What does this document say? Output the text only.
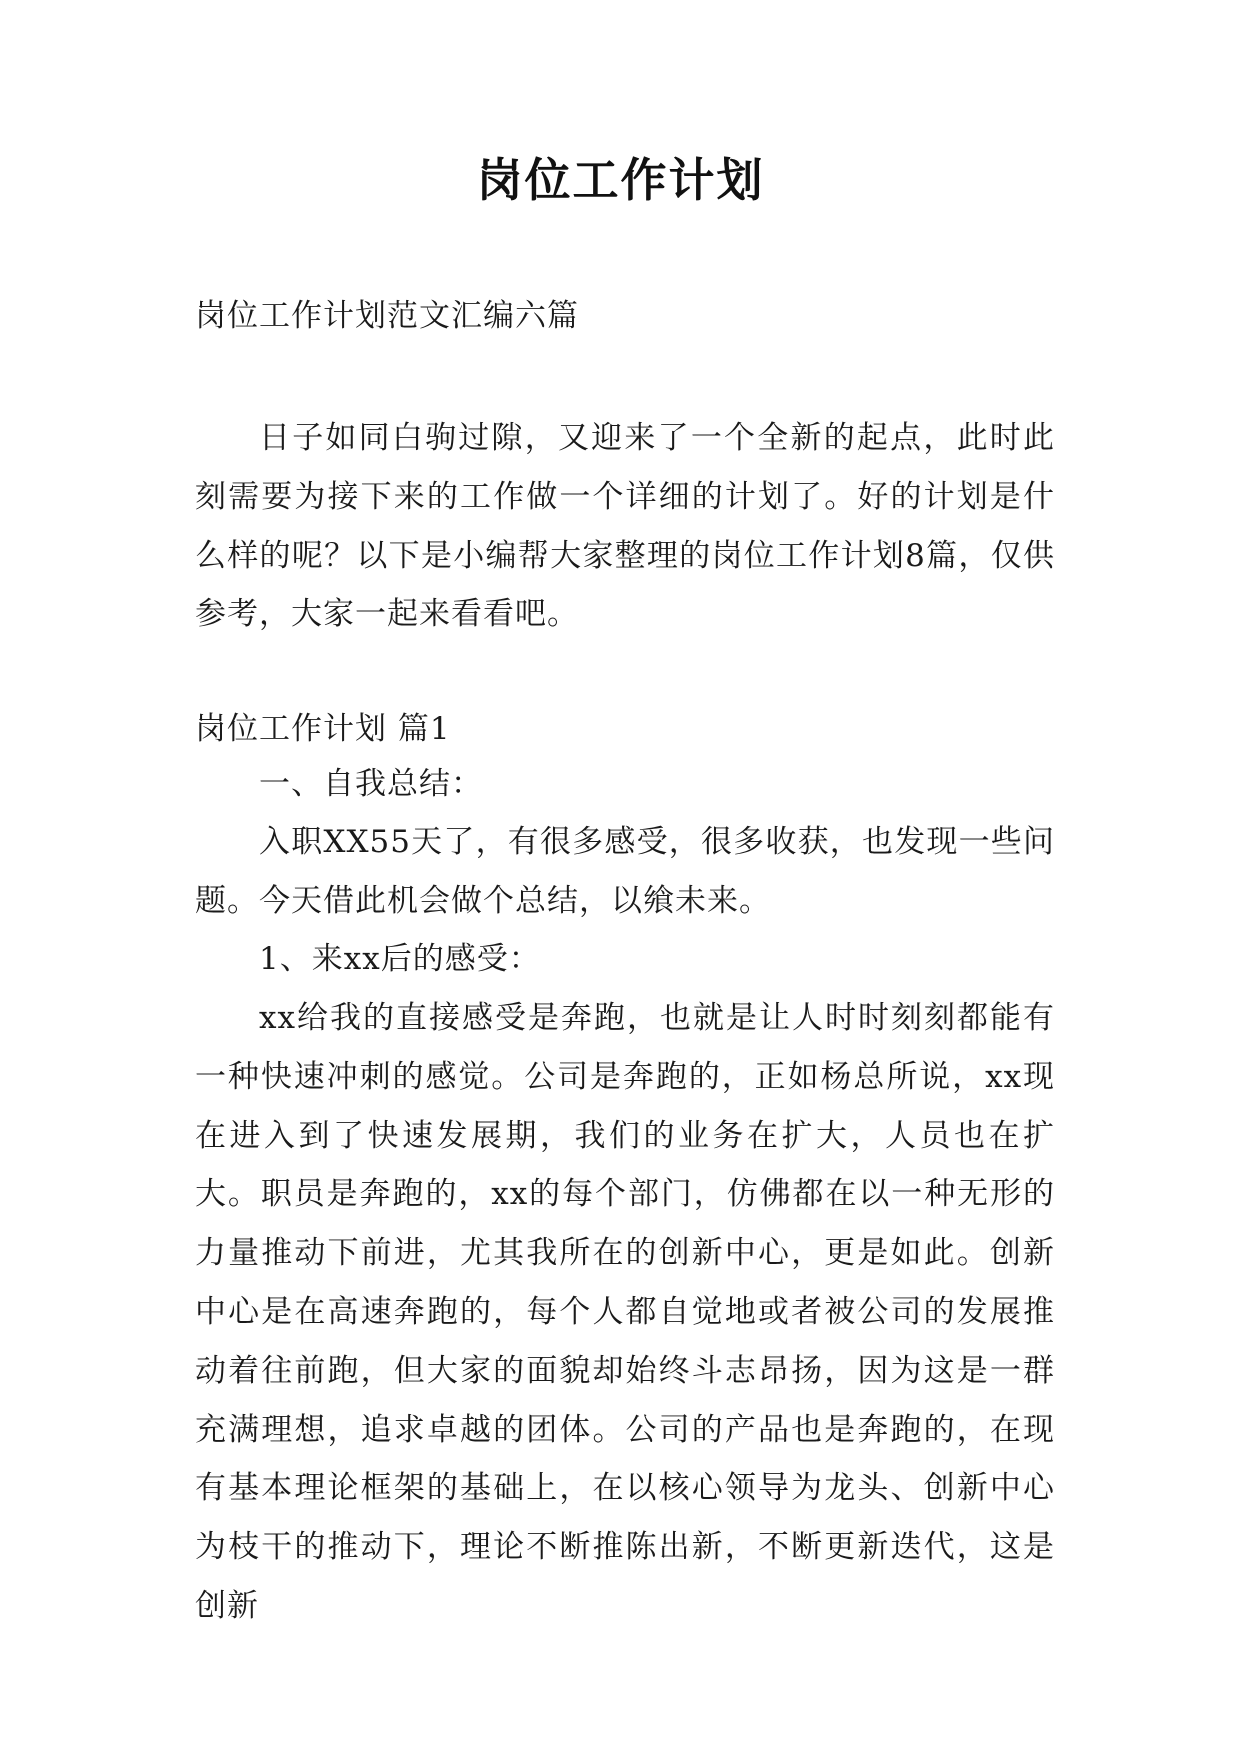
岗位工作计划
岗位工作计划范文汇编六篇

日子如同白驹过隙，又迎来了一个全新的起点，此时此刻需要为接下来的工作做一个详细的计划了。好的计划是什么样的呢？以下是小编帮大家整理的岗位工作计划8篇，仅供参考，大家一起来看看吧。

岗位工作计划 篇1

一、自我总结：

入职XX55天了，有很多感受，很多收获，也发现一些问题。今天借此机会做个总结，以飨未来。

1、来xx后的感受：

xx给我的直接感受是奔跑，也就是让人时时刻刻都能有一种快速冲刺的感觉。公司是奔跑的，正如杨总所说，xx现在进入到了快速发展期，我们的业务在扩大，人员也在扩大。职员是奔跑的，xx的每个部门，仿佛都在以一种无形的力量推动下前进，尤其我所在的创新中心，更是如此。创新中心是在高速奔跑的，每个人都自觉地或者被公司的发展推动着往前跑，但大家的面貌却始终斗志昂扬，因为这是一群充满理想，追求卓越的团体。公司的产品也是奔跑的，在现有基本理论框架的基础上，在以核心领导为龙头、创新中心为枝干的推动下，理论不断推陈出新，不断更新迭代，这是创新
